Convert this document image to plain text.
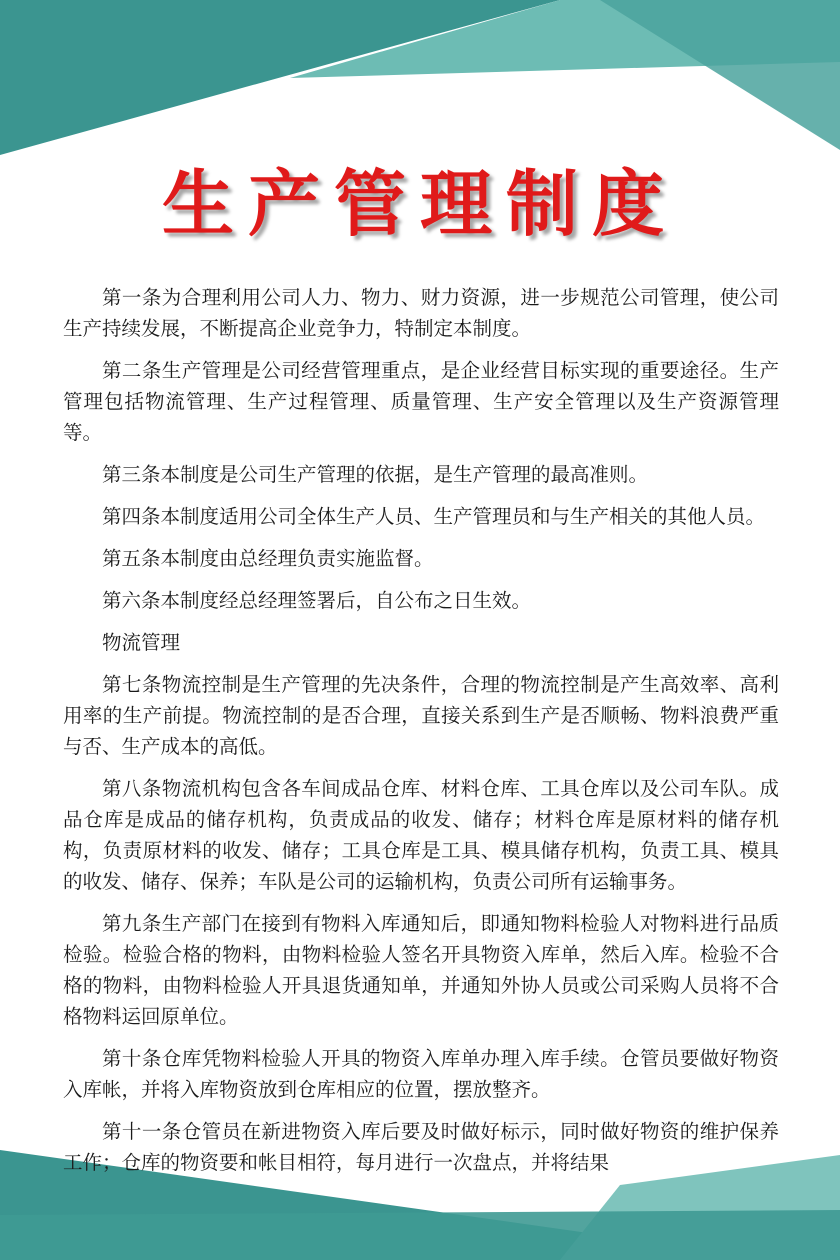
生产管理制度

第一条为合理利用公司人力、物力、财力资源，进一步规范公司管理，使公司生产持续发展，不断提高企业竞争力，特制定本制度。

第二条生产管理是公司经营管理重点，是企业经营目标实现的重要途径。生产管理包括物流管理、生产过程管理、质量管理、生产安全管理以及生产资源管理等。

第三条本制度是公司生产管理的依据，是生产管理的最高准则。

第四条本制度适用公司全体生产人员、生产管理员和与生产相关的其他人员。

第五条本制度由总经理负责实施监督。

第六条本制度经总经理签署后，自公布之日生效。

物流管理

第七条物流控制是生产管理的先决条件，合理的物流控制是产生高效率、高利用率的生产前提。物流控制的是否合理，直接关系到生产是否顺畅、物料浪费严重与否、生产成本的高低。

第八条物流机构包含各车间成品仓库、材料仓库、工具仓库以及公司车队。成品仓库是成品的储存机构，负责成品的收发、储存；材料仓库是原材料的储存机构，负责原材料的收发、储存；工具仓库是工具、模具储存机构，负责工具、模具的收发、储存、保养；车队是公司的运输机构，负责公司所有运输事务。

第九条生产部门在接到有物料入库通知后，即通知物料检验人对物料进行品质检验。检验合格的物料，由物料检验人签名开具物资入库单，然后入库。检验不合格的物料，由物料检验人开具退货通知单，并通知外协人员或公司采购人员将不合格物料运回原单位。

第十条仓库凭物料检验人开具的物资入库单办理入库手续。仓管员要做好物资入库帐，并将入库物资放到仓库相应的位置，摆放整齐。

第十一条仓管员在新进物资入库后要及时做好标示，同时做好物资的维护保养工作；仓库的物资要和帐目相符，每月进行一次盘点，并将结果
